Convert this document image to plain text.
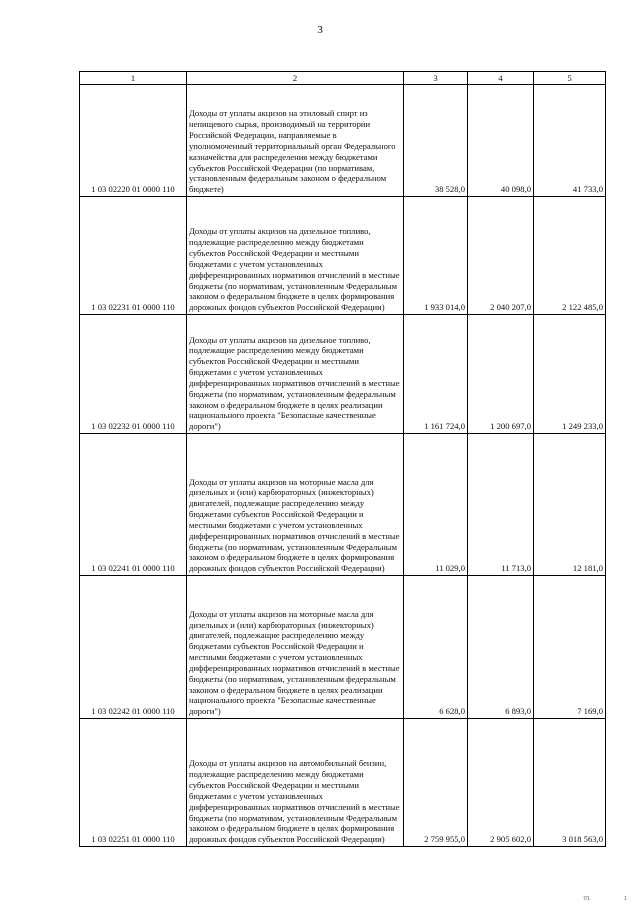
3
1	2	3	4	5
1 03 02220 01 0000 110	Доходы от уплаты акцизов на этиловый спирт из непищевого сырья, производимый на территории Российской Федерации, направляемые в уполномоченный территориальный орган Федерального казначейства для распределения между бюджетами субъектов Российской Федерации (по нормативам, установленным федеральным законом о федеральном бюджете)	38 528,0	40 098,0	41 733,0
1 03 02231 01 0000 110	Доходы от уплаты акцизов на дизельное топливо, подлежащие распределению между бюджетами субъектов Российской Федерации и местными бюджетами с учетом установленных дифференцированных нормативов отчислений в местные бюджеты (по нормативам, установленным Федеральным законом о федеральном бюджете в целях формирования дорожных фондов субъектов Российской Федерации)	1 933 014,0	2 040 207,0	2 122 485,0
1 03 02232 01 0000 110	Доходы от уплаты акцизов на дизельное топливо, подлежащие распределению между бюджетами субъектов Российской Федерации и местными бюджетами с учетом установленных дифференцированных нормативов отчислений в местные бюджеты (по нормативам, установленным федеральным законом о федеральном бюджете в целях реализации национального проекта "Безопасные качественные дороги")	1 161 724,0	1 200 697,0	1 249 233,0
1 03 02241 01 0000 110	Доходы от уплаты акцизов на моторные масла для дизельных и (или) карбюраторных (инжекторных) двигателей, подлежащие распределению между бюджетами субъектов Российской Федерации и местными бюджетами с учетом установленных дифференцированных нормативов отчислений в местные бюджеты (по нормативам, установленным Федеральным законом о федеральном бюджете в целях формирования дорожных фондов субъектов Российской Федерации)	11 029,0	11 713,0	12 181,0
1 03 02242 01 0000 110	Доходы от уплаты акцизов на моторные масла для дизельных и (или) карбюраторных (инжекторных) двигателей, подлежащие распределению между бюджетами субъектов Российской Федерации и местными бюджетами с учетом установленных дифференцированных нормативов отчислений в местные бюджеты (по нормативам, установленным федеральным законом о федеральном бюджете в целях реализации национального проекта "Безопасные качественные дороги")	6 628,0	6 893,0	7 169,0
1 03 02251 01 0000 110	Доходы от уплаты акцизов на автомобильный бензин, подлежащие распределению между бюджетами субъектов Российской Федерации и местными бюджетами с учетом установленных дифференцированных нормативов отчислений в местные бюджеты (по нормативам, установленным Федеральным законом о федеральном бюджете в целях формирования дорожных фондов субъектов Российской Федерации)	2 759 955,0	2 905 602,0	3 018 563,0
7/1	1
